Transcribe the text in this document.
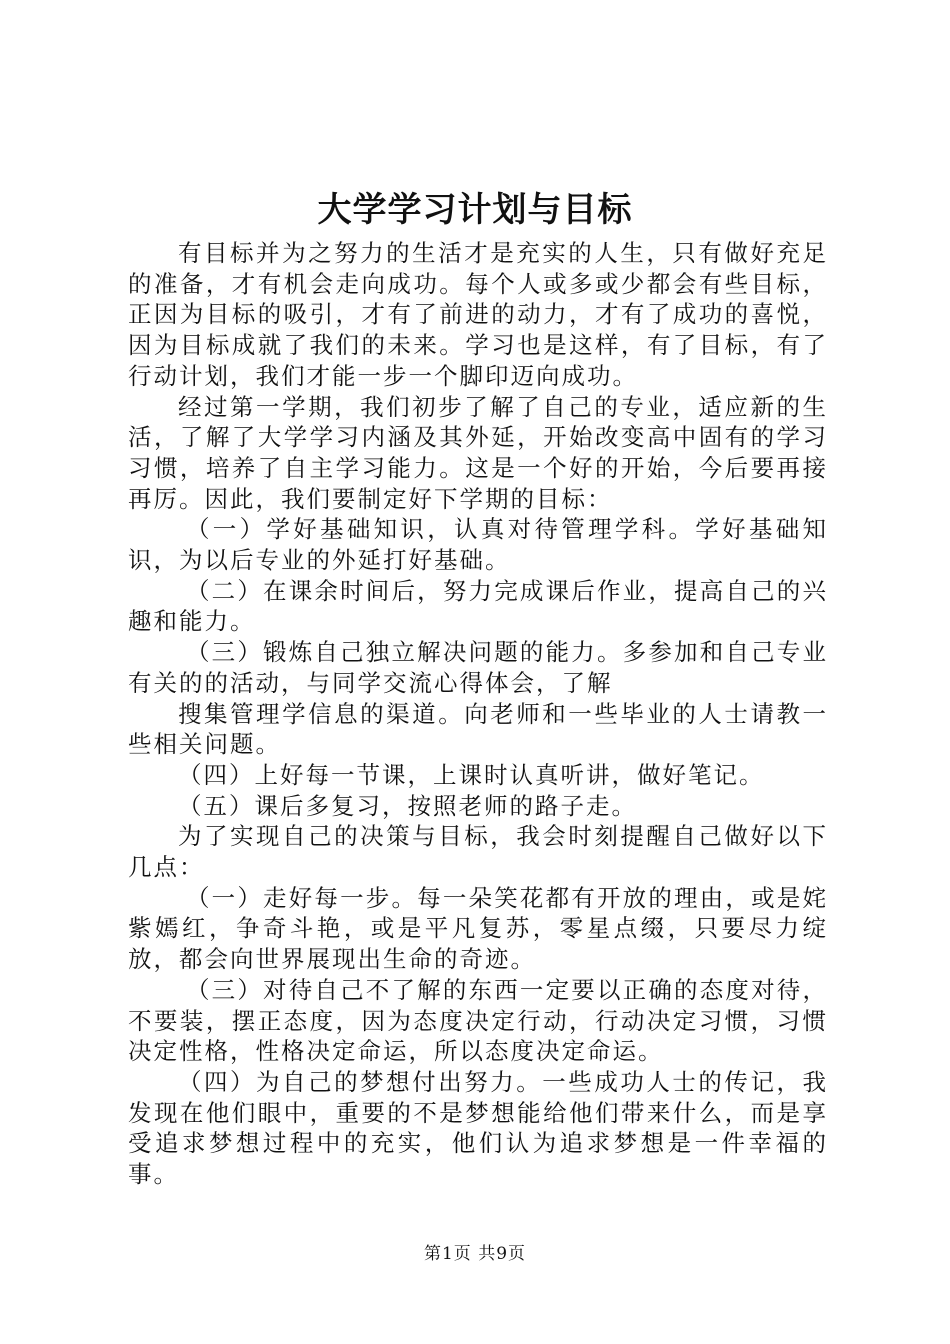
大学学习计划与目标

有目标并为之努力的生活才是充实的人生，只有做好充足的准备，才有机会走向成功。每个人或多或少都会有些目标，正因为目标的吸引，才有了前进的动力，才有了成功的喜悦，因为目标成就了我们的未来。学习也是这样，有了目标，有了行动计划，我们才能一步一个脚印迈向成功。

经过第一学期，我们初步了解了自己的专业，适应新的生活，了解了大学学习内涵及其外延，开始改变高中固有的学习习惯，培养了自主学习能力。这是一个好的开始，今后要再接再厉。因此，我们要制定好下学期的目标：

（一）学好基础知识，认真对待管理学科。学好基础知识，为以后专业的外延打好基础。

（二）在课余时间后，努力完成课后作业，提高自己的兴趣和能力。

（三）锻炼自己独立解决问题的能力。多参加和自己专业有关的的活动，与同学交流心得体会，了解

搜集管理学信息的渠道。向老师和一些毕业的人士请教一些相关问题。

（四）上好每一节课，上课时认真听讲，做好笔记。

（五）课后多复习，按照老师的路子走。

为了实现自己的决策与目标，我会时刻提醒自己做好以下几点：

（一）走好每一步。每一朵笑花都有开放的理由，或是姹紫嫣红，争奇斗艳，或是平凡复苏，零星点缀，只要尽力绽放，都会向世界展现出生命的奇迹。

（三）对待自己不了解的东西一定要以正确的态度对待，不要装，摆正态度，因为态度决定行动，行动决定习惯，习惯决定性格，性格决定命运，所以态度决定命运。

（四）为自己的梦想付出努力。一些成功人士的传记，我发现在他们眼中，重要的不是梦想能给他们带来什么，而是享受追求梦想过程中的充实，他们认为追求梦想是一件幸福的事。

第1页 共9页
